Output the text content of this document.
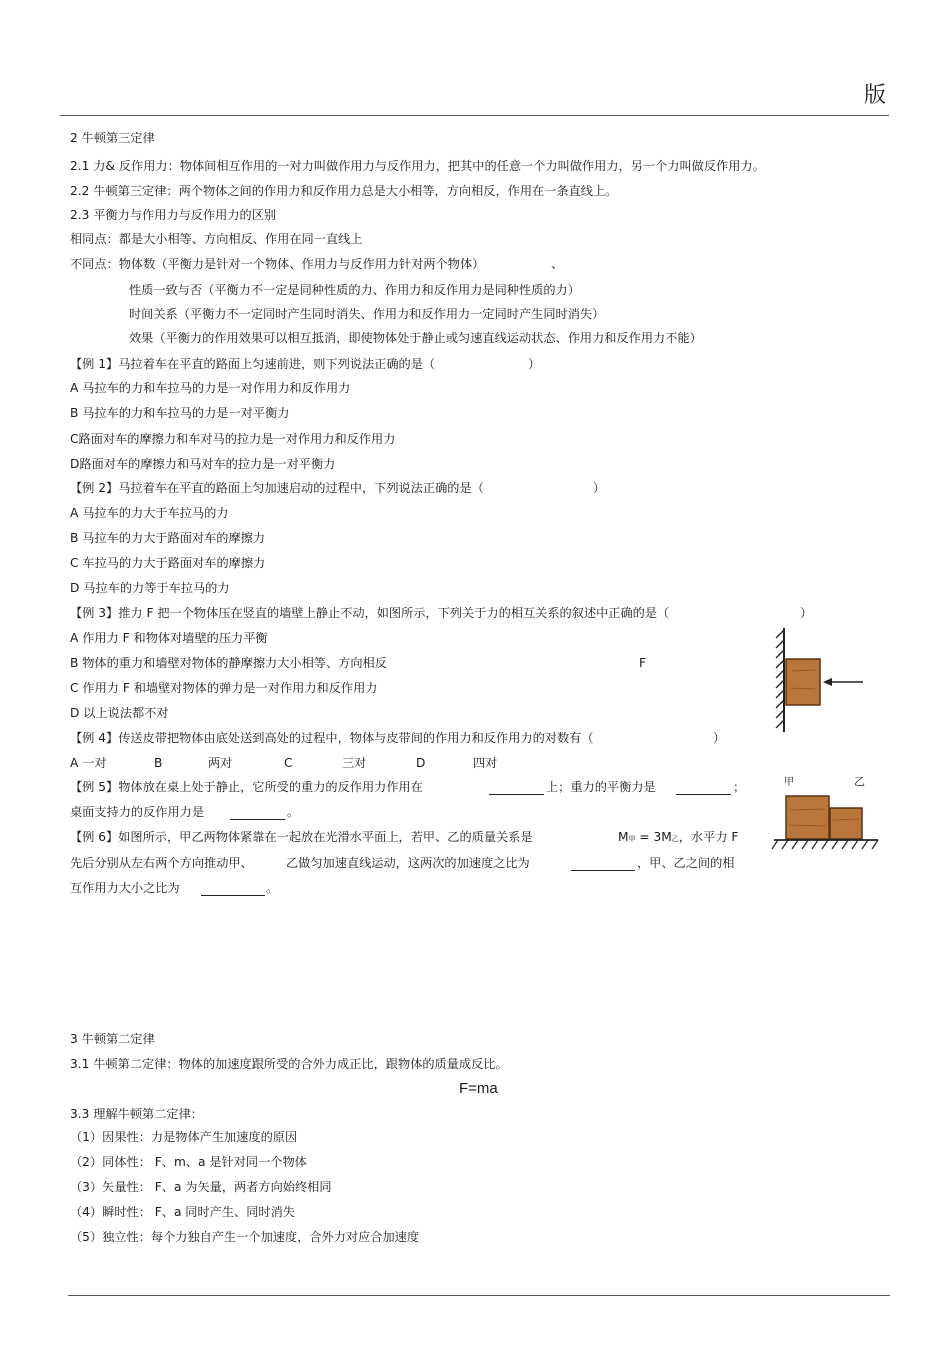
版
2 牛顿第三定律
2.1 力& 反作用力：物体间相互作用的一对力叫做作用力与反作用力，把其中的任意一个力叫做作用力，另一个力叫做反作用力。
2.2 牛顿第三定律：两个物体之间的作用力和反作用力总是大小相等，方向相反，作用在一条直线上。
2.3 平衡力与作用力与反作用力的区别
相同点：都是大小相等、方向相反、作用在同一直线上
不同点：物体数（平衡力是针对一个物体、作用力与反作用力针对两个物体）	、
性质一致与否（平衡力不一定是同种性质的力、作用力和反作用力是同种性质的力）
时间关系（平衡力不一定同时产生同时消失、作用力和反作用力一定同时产生同时消失）
效果（平衡力的作用效果可以相互抵消，即使物体处于静止或匀速直线运动状态、作用力和反作用力不能）
【例 1】马拉着车在平直的路面上匀速前进，则下列说法正确的是（	）
A 马拉车的力和车拉马的力是一对作用力和反作用力
B 马拉车的力和车拉马的力是一对平衡力
C路面对车的摩擦力和车对马的拉力是一对作用力和反作用力
D路面对车的摩擦力和马对车的拉力是一对平衡力
【例 2】马拉着车在平直的路面上匀加速启动的过程中，下列说法正确的是（	）
A 马拉车的力大于车拉马的力
B 马拉车的力大于路面对车的摩擦力
C 车拉马的力大于路面对车的摩擦力
D 马拉车的力等于车拉马的力
【例 3】推力 F 把一个物体压在竖直的墙壁上静止不动，如图所示，下列关于力的相互关系的叙述中正确的是（	）
A 作用力 F 和物体对墙壁的压力平衡
B 物体的重力和墙壁对物体的静摩擦力大小相等、方向相反	F
C 作用力 F 和墙壁对物体的弹力是一对作用力和反作用力
D 以上说法都不对
【例 4】传送皮带把物体由底处送到高处的过程中，物体与皮带间的作用力和反作用力的对数有（	）
A 一对	B	两对	C	三对	D	四对
【例 5】物体放在桌上处于静止，它所受的重力的反作用力作用在	上；重力的平衡力是	；
桌面支持力的反作用力是	。
【例 6】如图所示，甲乙两物体紧靠在一起放在光滑水平面上，若甲、乙的质量关系是	M甲 = 3M乙，水平力 F
先后分别从左右两个方向推动甲、	乙做匀加速直线运动，这两次的加速度之比为	，甲、乙之间的相
互作用力大小之比为	。
甲	乙
3 牛顿第二定律
3.1 牛顿第二定律：物体的加速度跟所受的合外力成正比，跟物体的质量成反比。
F=ma
3.3 理解牛顿第二定律：
（1）因果性：力是物体产生加速度的原因
（2）同体性： F、m、a 是针对同一个物体
（3）矢量性： F、a 为矢量，两者方向始终相同
（4）瞬时性： F、a 同时产生、同时消失
（5）独立性：每个力独自产生一个加速度，合外力对应合加速度
